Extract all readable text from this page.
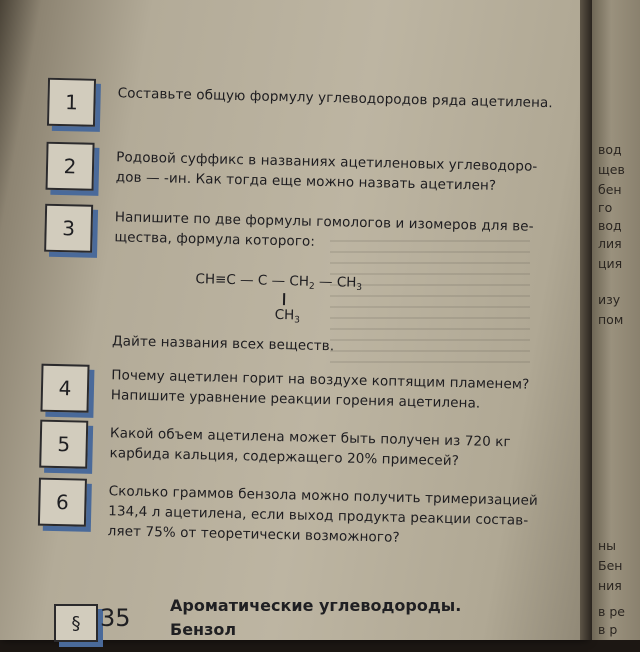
1	Составьте общую формулу углеводородов ряда ацетилена.

2	Родовой суффикс в названиях ацетиленовых углеводоро-

дов — -ин. Как тогда еще можно назвать ацетилен?

3	Напишите по две формулы гомологов и изомеров для ве-

щества, формула которого:

Дайте названия всех веществ.

CH≡C — C — $CH_2$ — $CH_3$
$CH_3$
4	Почему ацетилен горит на воздухе коптящим пламенем?

Напишите уравнение реакции горения ацетилена.

5	Какой объем ацетилена может быть получен из 720 кг

карбида кальция, содержащего 20% примесей?

6	Сколько граммов бензола можно получить тримеризацией

134,4 л ацетилена, если выход продукта реакции состав-

ляет 75% от теоретически возможного?

§ 35 Ароматические углеводороды.

Бензол

вод
щев
бен
го
вод
лия
ция
изу
пом
ны
Бен
ния
в ре
в р
